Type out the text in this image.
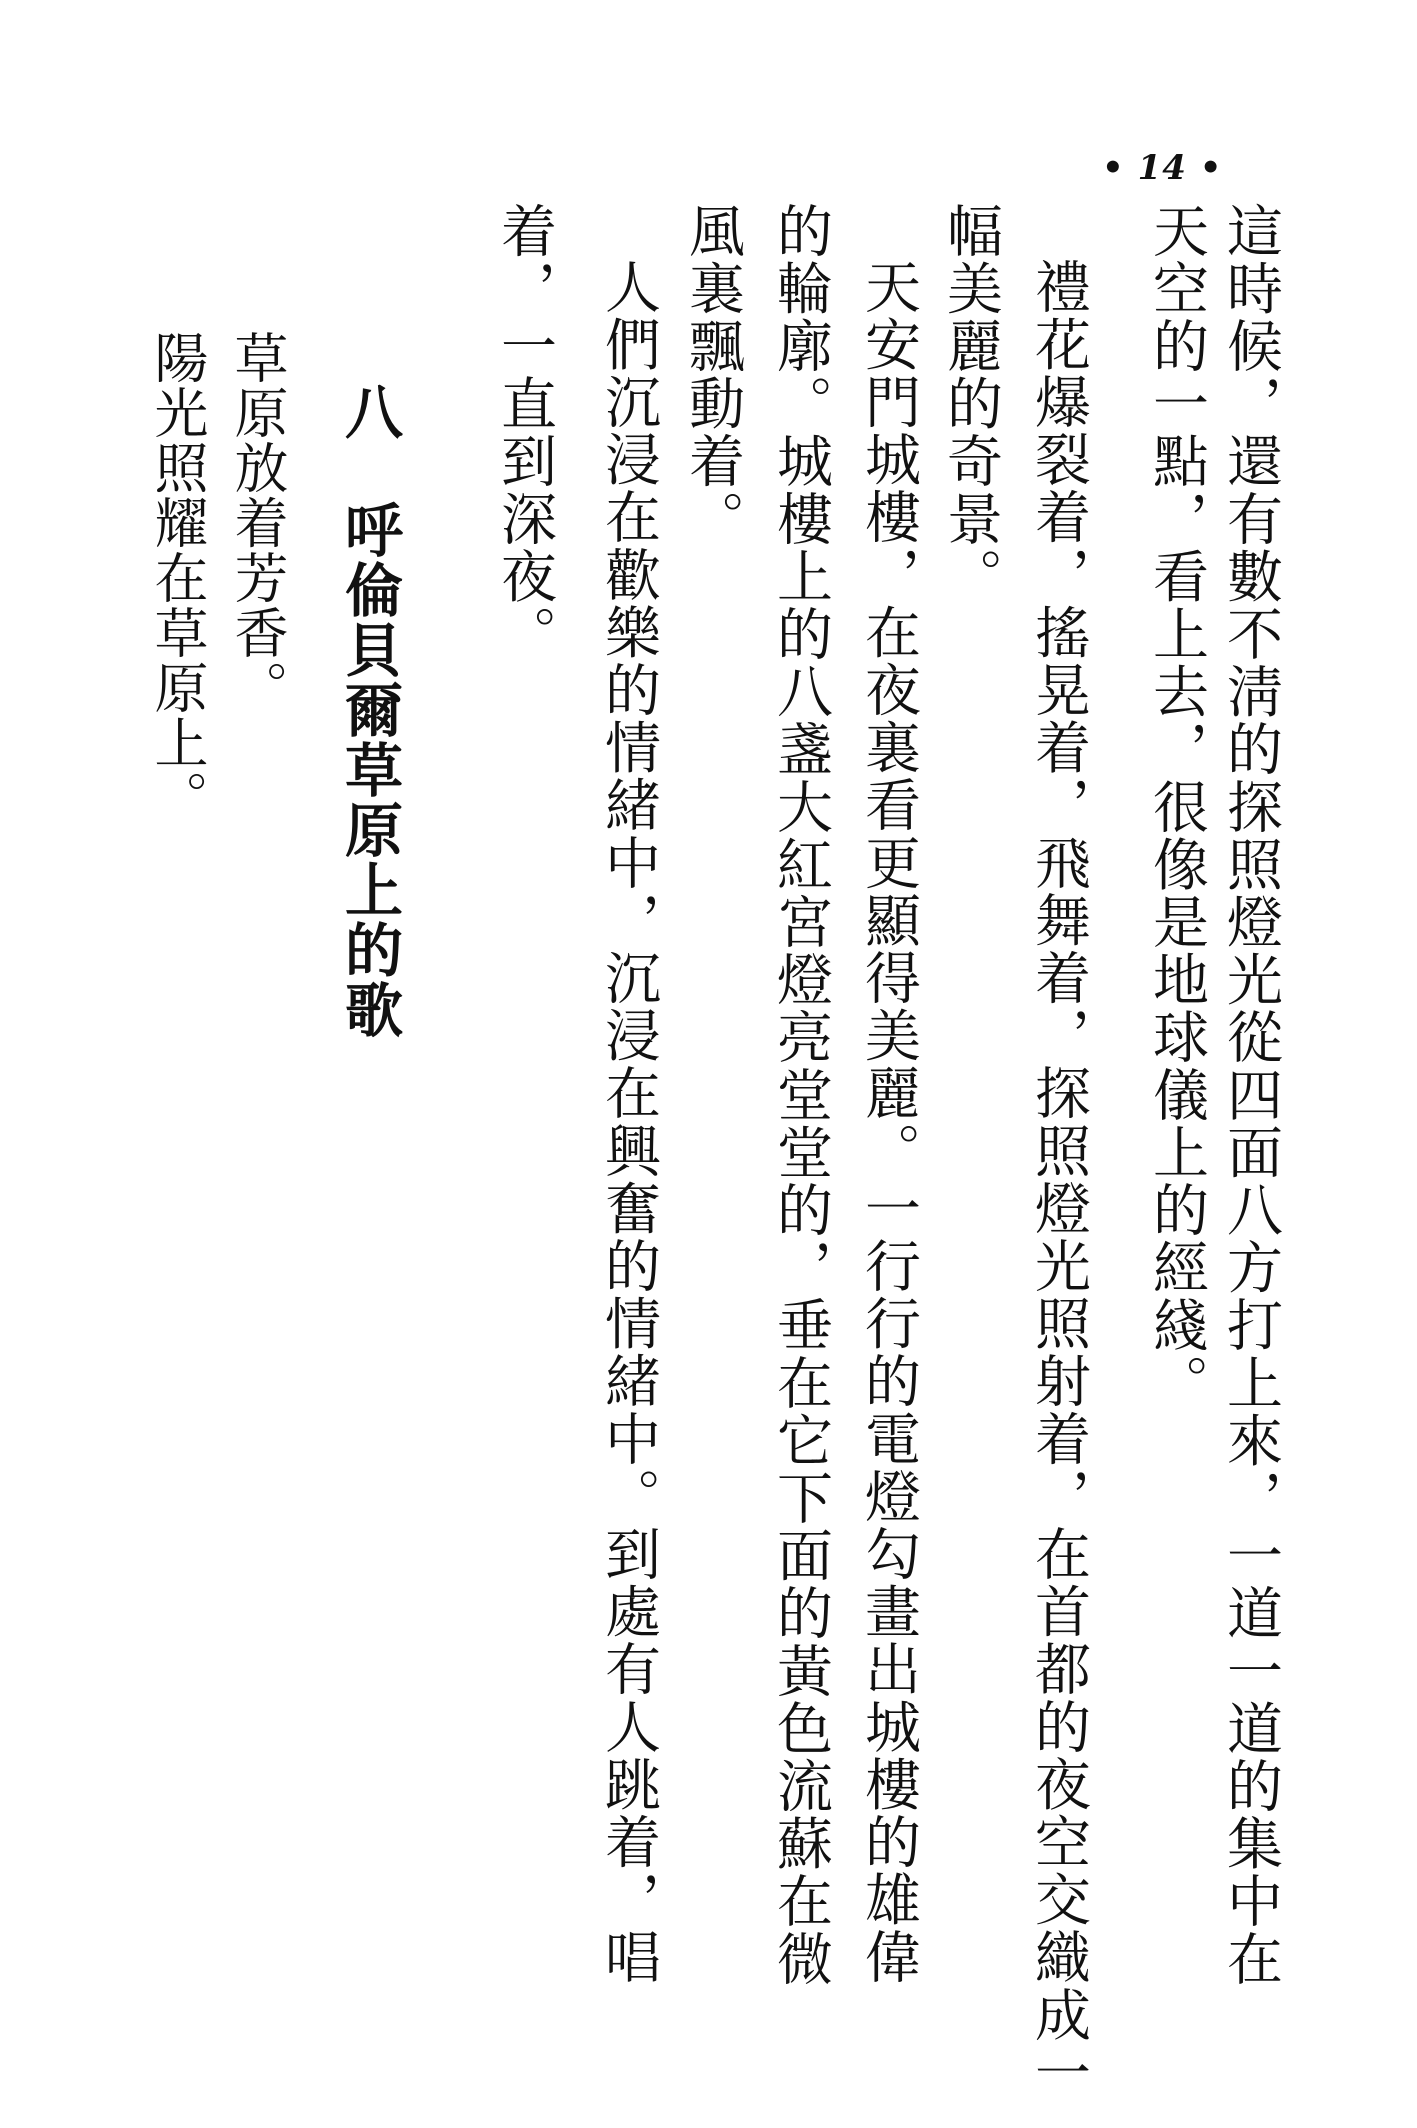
• 14 •
這時候，還有數不淸的探照燈光從四面八方打上來，一道一道的集中在
天空的一點，看上去，很像是地球儀上的經綫。
禮花爆裂着，搖晃着，飛舞着，探照燈光照射着，在首都的夜空交織成一
幅美麗的奇景。
天安門城樓，在夜裏看更顯得美麗。一行行的電燈勾畫出城樓的雄偉
的輪廓。城樓上的八盞大紅宮燈亮堂堂的，垂在它下面的黃色流蘇在微
風裏飄動着。
人們沉浸在歡樂的情緒中，沉浸在興奮的情緒中。到處有人跳着，唱
着，一直到深夜。
八呼倫貝爾草原上的歌
草原放着芳香。
陽光照耀在草原上。
